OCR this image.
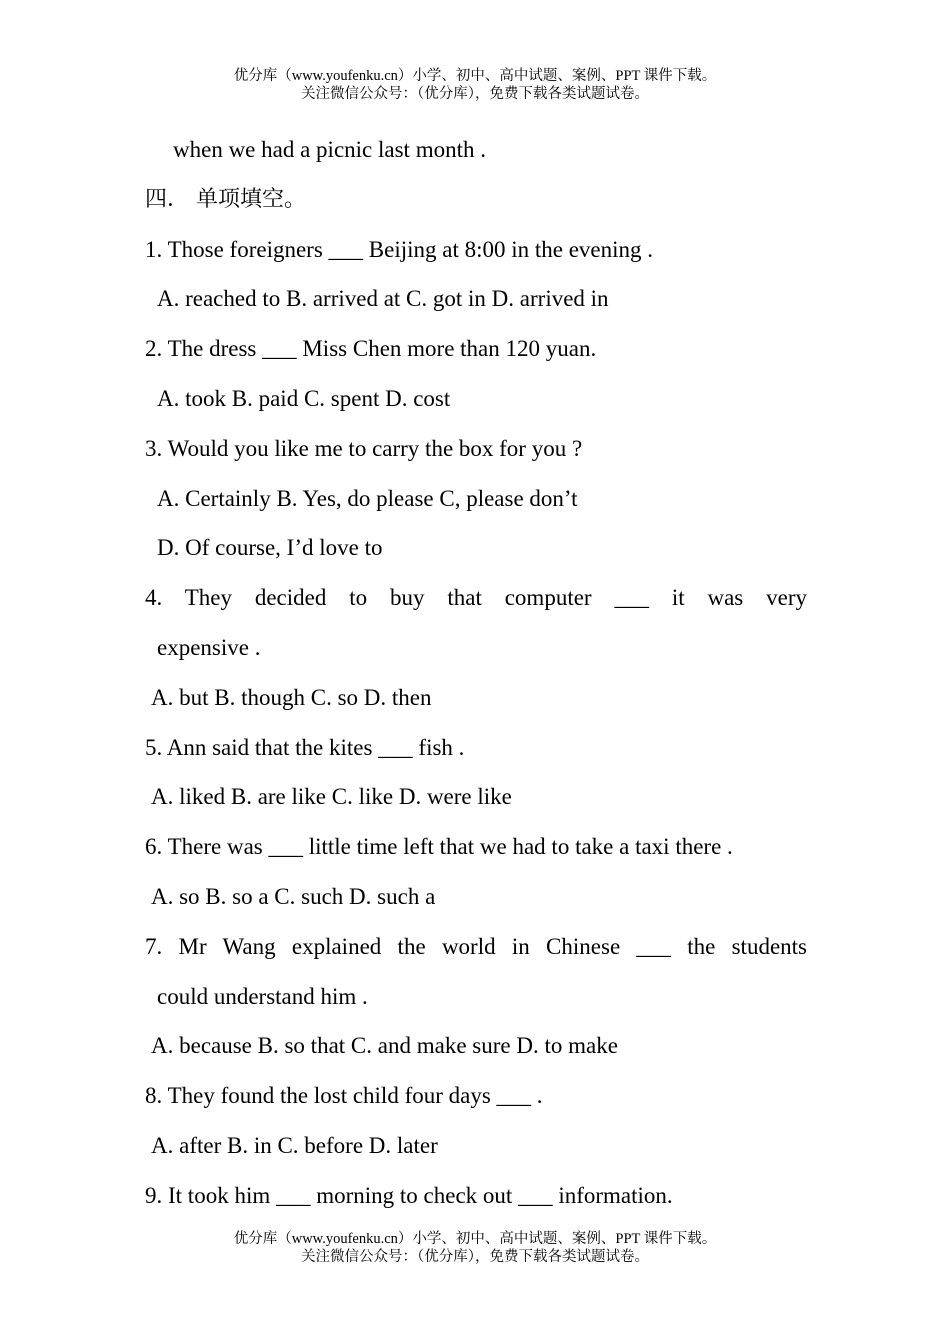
优分库（www.youfenku.cn）小学、初中、高中试题、案例、PPT 课件下载。
关注微信公众号：（优分库），免费下载各类试题试卷。
when we had a picnic last month .
四． 单项填空。
1. Those foreigners ___ Beijing at 8:00 in the evening .
A. reached to B. arrived at C. got in D. arrived in
2. The dress ___ Miss Chen more than 120 yuan.
A. took B. paid C. spent D. cost
3. Would you like me to carry the box for you ?
A. Certainly B. Yes, do please C, please don’t
D. Of course, I’d love to
4. They decided to buy that computer ___ it was very
expensive .
A. but B. though C. so D. then
5. Ann said that the kites ___ fish .
A. liked B. are like C. like D. were like
6. There was ___ little time left that we had to take a taxi there .
A. so B. so a C. such D. such a
7. Mr Wang explained the world in Chinese ___ the students
could understand him .
A. because B. so that C. and make sure D. to make
8. They found the lost child four days ___ .
A. after B. in C. before D. later
9. It took him ___ morning to check out ___ information.
优分库（www.youfenku.cn）小学、初中、高中试题、案例、PPT 课件下载。
关注微信公众号：（优分库），免费下载各类试题试卷。
